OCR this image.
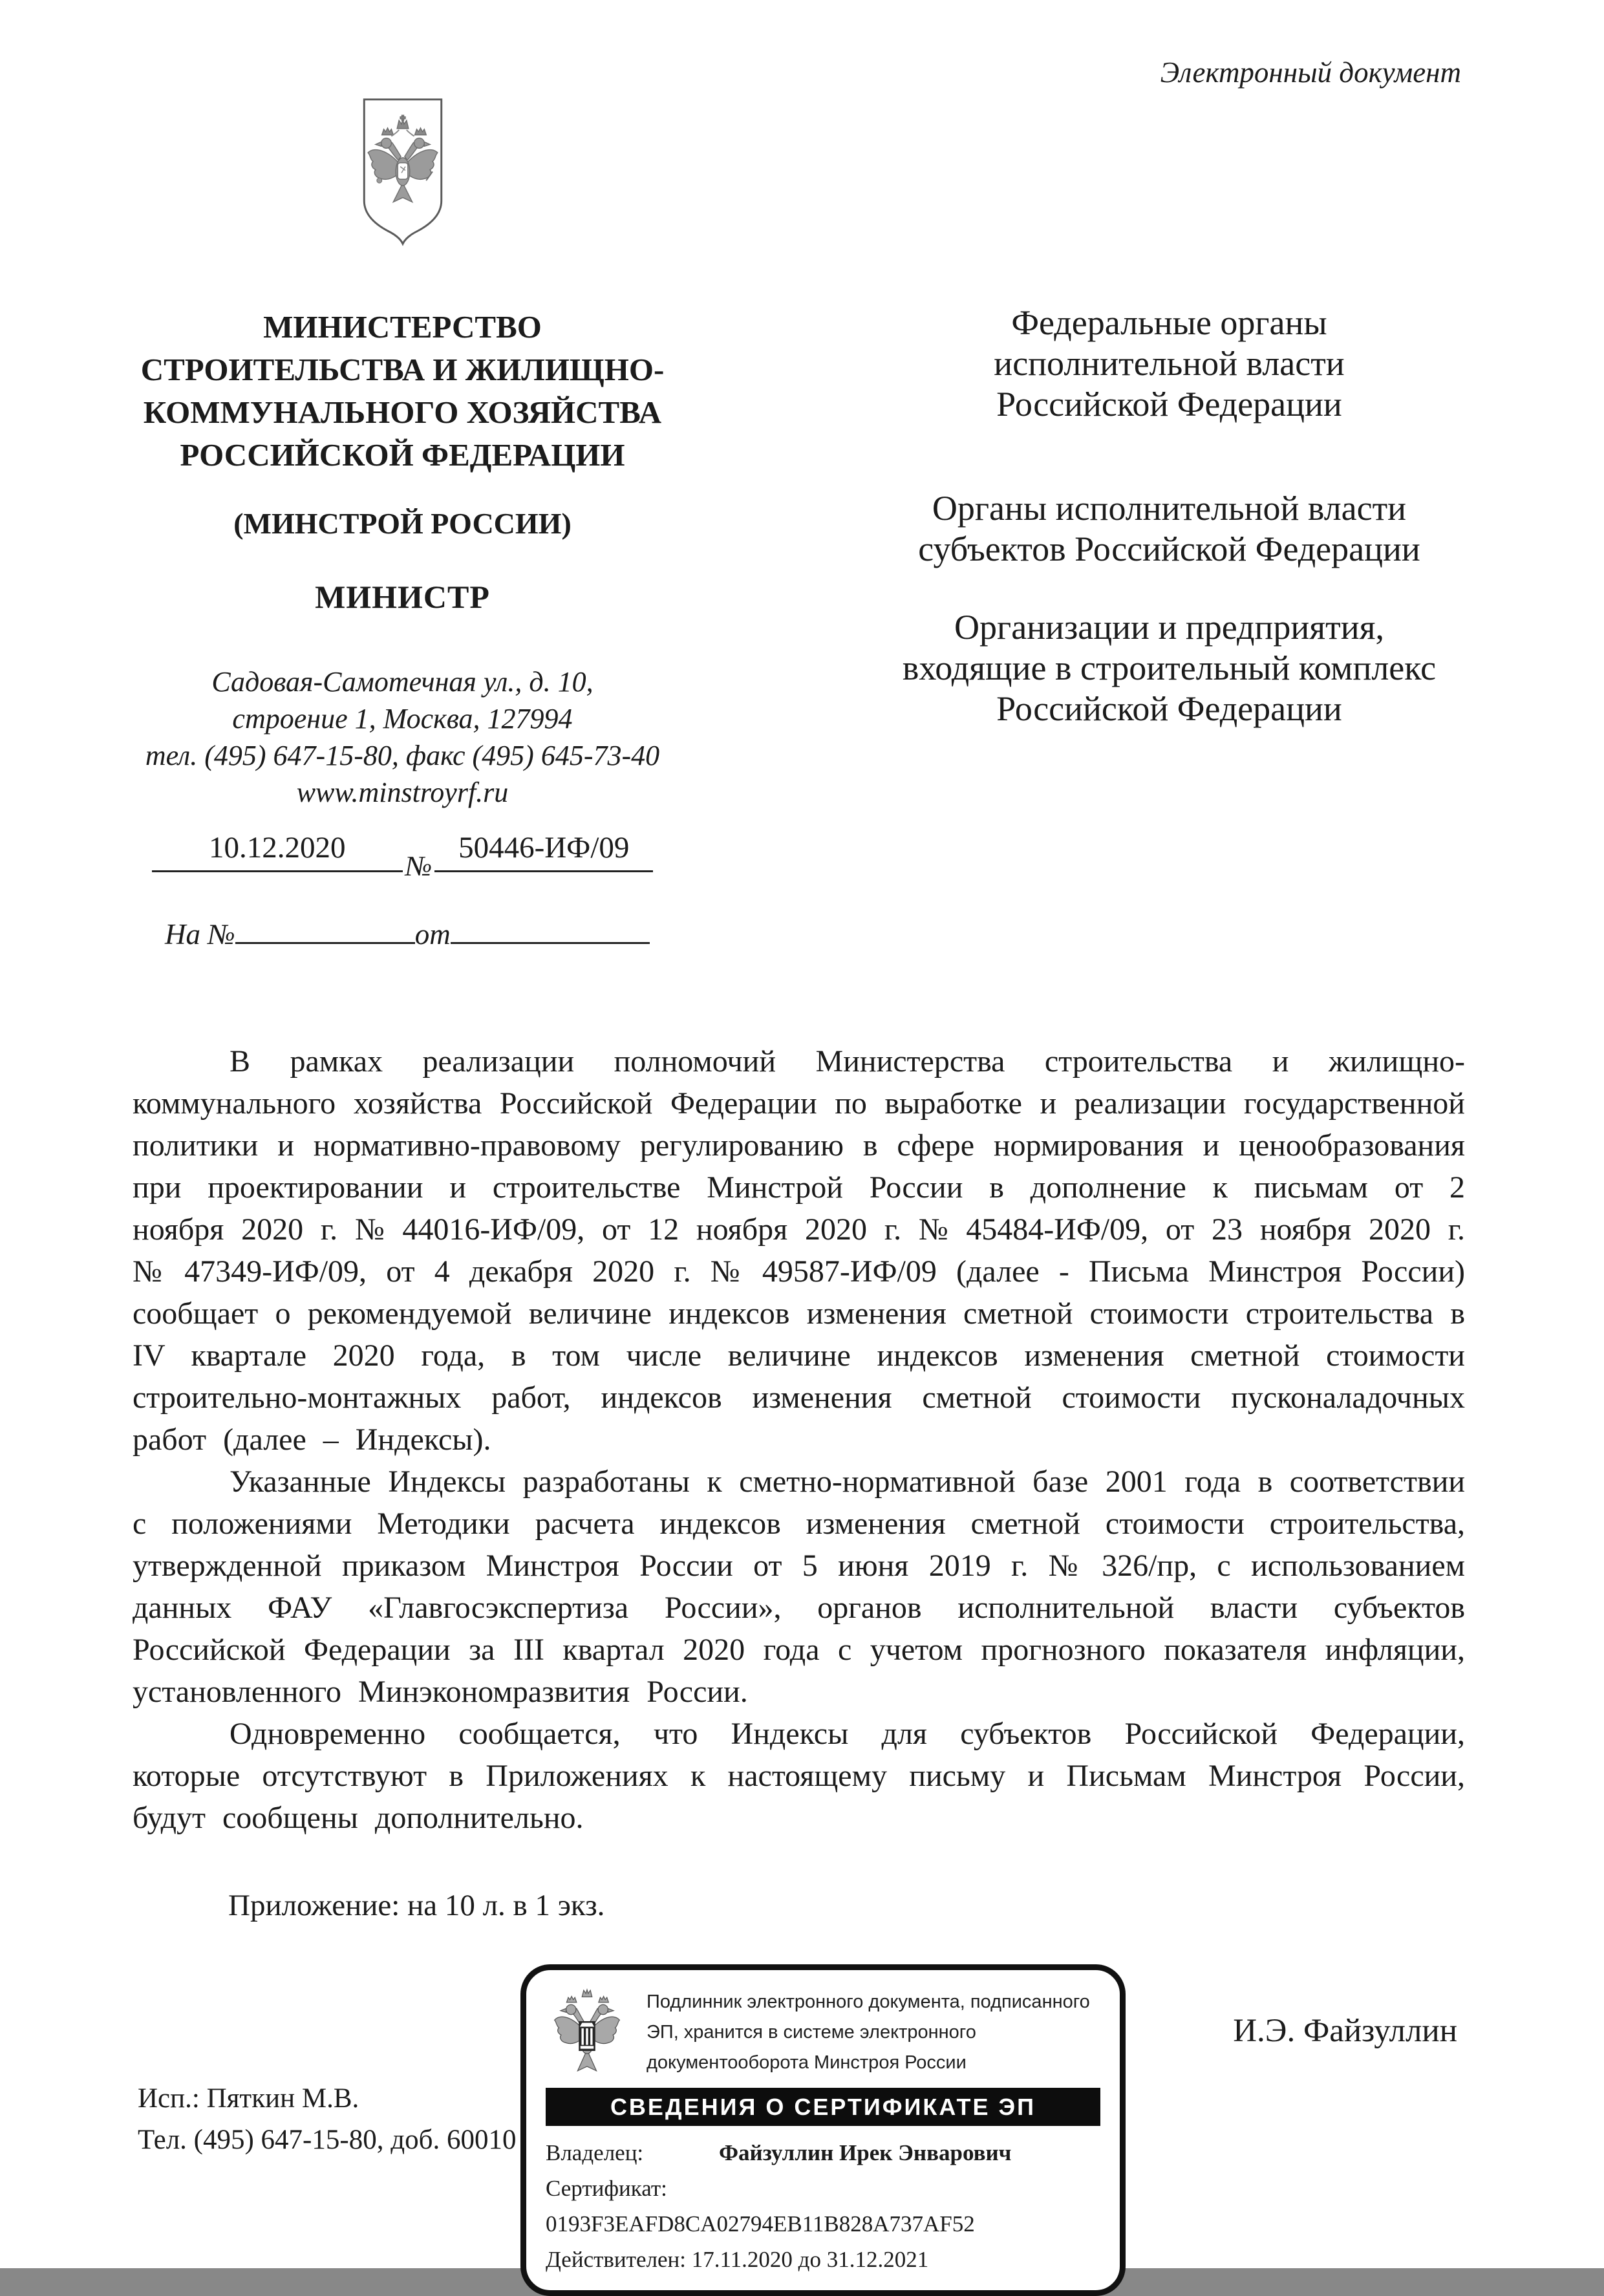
Электронный документ
МИНИСТЕРСТВО
СТРОИТЕЛЬСТВА И ЖИЛИЩНО-
КОММУНАЛЬНОГО ХОЗЯЙСТВА
РОССИЙСКОЙ ФЕДЕРАЦИИ
(МИНСТРОЙ РОССИИ)
МИНИСТР
Садовая-Самотечная ул., д. 10,
строение 1, Москва, 127994
тел. (495) 647-15-80, факс (495) 645-73-40
www.minstroyrf.ru
10.12.2020№50446-ИФ/09
На №	от
Федеральные органы
исполнительной власти
Российской Федерации
Органы исполнительной власти
субъектов Российской Федерации
Организации и предприятия,
входящие в строительный комплекс
Российской Федерации

В рамках реализации полномочий Министерства строительства и жилищно-коммунального хозяйства Российской Федерации по выработке и реализации государственной политики и нормативно-правовому регулированию в сфере нормирования и ценообразования при проектировании и строительстве Минстрой России в дополнение к письмам от 2 ноября 2020 г. № 44016-ИФ/09, от 12 ноября 2020 г. № 45484-ИФ/09, от 23 ноября 2020 г. № 47349-ИФ/09, от 4 декабря 2020 г. № 49587-ИФ/09 (далее - Письма Минстроя России) сообщает о рекомендуемой величине индексов изменения сметной стоимости строительства в IV квартале 2020 года, в том числе величине индексов изменения сметной стоимости строительно-монтажных работ, индексов изменения сметной стоимости пусконаладочных работ (далее – Индексы).

Указанные Индексы разработаны к сметно-нормативной базе 2001 года в соответствии с положениями Методики расчета индексов изменения сметной стоимости строительства, утвержденной приказом Минстроя России от 5 июня 2019 г. № 326/пр, с использованием данных ФАУ «Главгосэкспертиза России», органов исполнительной власти субъектов Российской Федерации за III квартал 2020 года с учетом прогнозного показателя инфляции, установленного Минэкономразвития России.

Одновременно сообщается, что Индексы для субъектов Российской Федерации, которые отсутствуют в Приложениях к настоящему письму и Письмам Минстроя России, будут сообщены дополнительно.

Приложение: на 10 л. в 1 экз.

Подлинник электронного документа, подписанного ЭП, хранится в системе электронного документооборота Минстроя России
СВЕДЕНИЯ О СЕРТИФИКАТЕ ЭП
Владелец:	Файзуллин Ирек Энварович
Сертификат: 0193F3EAFD8CA02794EB11B828A737AF52
Действителен: 17.11.2020 до 31.12.2021
И.Э. Файзуллин
Исп.: Пяткин М.В.
Тел. (495) 647-15-80, доб. 60010
